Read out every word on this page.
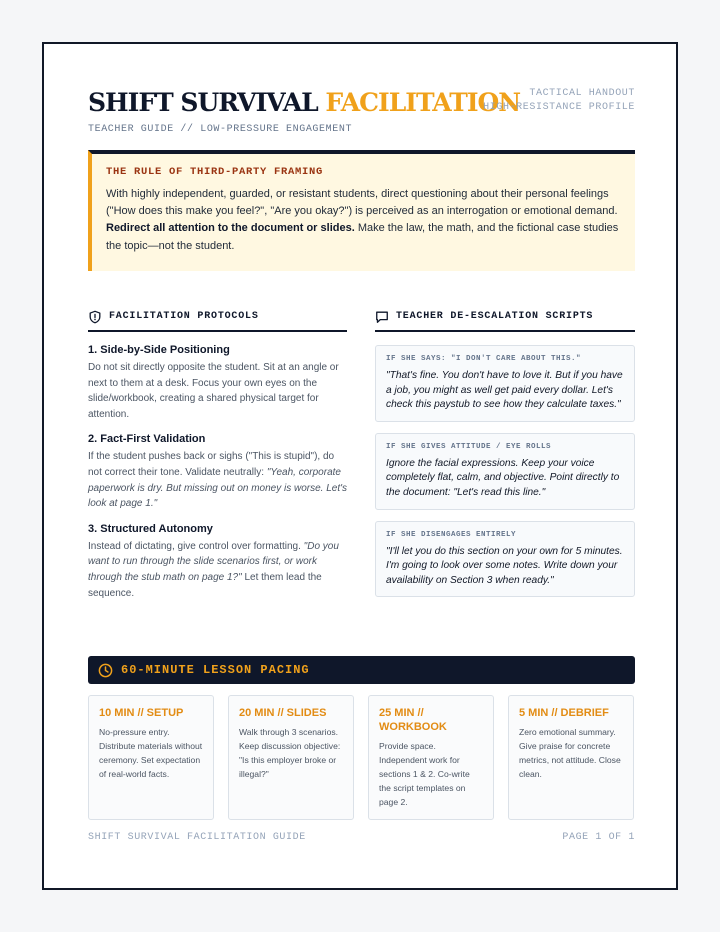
SHIFT SURVIVAL FACILITATION
TEACHER GUIDE // LOW-PRESSURE ENGAGEMENT
TACTICAL HANDOUT
HIGH-RESISTANCE PROFILE
THE RULE OF THIRD-PARTY FRAMING

With highly independent, guarded, or resistant students, direct questioning about their personal feelings ("How does this make you feel?", "Are you okay?") is perceived as an interrogation or emotional demand. Redirect all attention to the document or slides. Make the law, the math, and the fictional case studies the topic—not the student.

FACILITATION PROTOCOLS	TEACHER DE-ESCALATION SCRIPTS
1. Side-by-Side Positioning

Do not sit directly opposite the student. Sit at an angle or next to them at a desk. Focus your own eyes on the slide/workbook, creating a shared physical target for attention.

2. Fact-First Validation

If the student pushes back or sighs ("This is stupid"), do not correct their tone. Validate neutrally: "Yeah, corporate paperwork is dry. But missing out on money is worse. Let's look at page 1."

3. Structured Autonomy

Instead of dictating, give control over formatting. "Do you want to run through the slide scenarios first, or work through the stub math on page 1?" Let them lead the sequence.

IF SHE SAYS: "I DON'T CARE ABOUT THIS."
"That's fine. You don't have to love it. But if you have a job, you might as well get paid every dollar. Let's check this paystub to see how they calculate taxes."
IF SHE GIVES ATTITUDE / EYE ROLLS
Ignore the facial expressions. Keep your voice completely flat, calm, and objective. Point directly to the document: "Let's read this line."
IF SHE DISENGAGES ENTIRELY
"I'll let you do this section on your own for 5 minutes. I'm going to look over some notes. Write down your availability on Section 3 when ready."
60-MINUTE LESSON PACING
10 MIN // SETUP

No-pressure entry. Distribute materials without ceremony. Set expectation of real-world facts.

20 MIN // SLIDES

Walk through 3 scenarios. Keep discussion objective: "Is this employer broke or illegal?"

25 MIN // WORKBOOK

Provide space. Independent work for sections 1 & 2. Co-write the script templates on page 2.

5 MIN // DEBRIEF

Zero emotional summary. Give praise for concrete metrics, not attitude. Close clean.

SHIFT SURVIVAL FACILITATION GUIDE	PAGE 1 OF 1
